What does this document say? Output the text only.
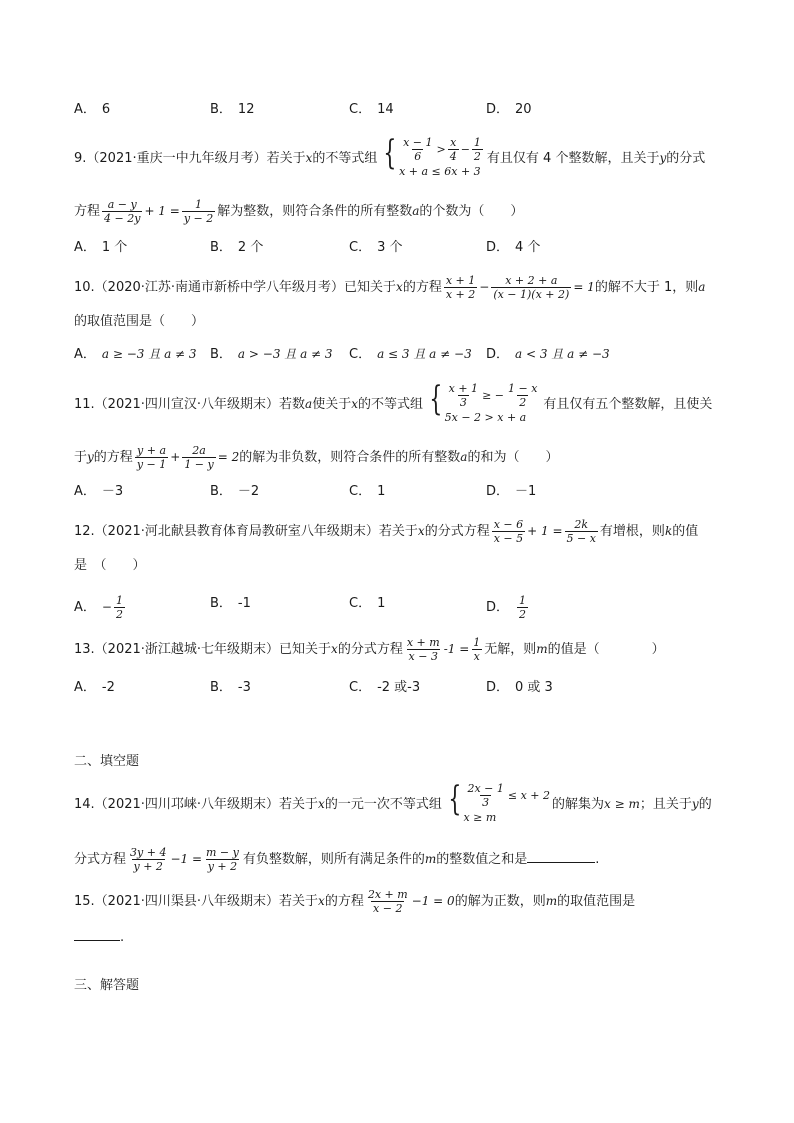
A． 6	B． 12	C． 14	D． 20
9.（2021·重庆一中九年级月考）若关于x的不等式组 { $\frac{x - 1}{6} > \frac{x}{4} - \frac{1}{2}$
x + a ≤ 6x + 3
有且仅有 4 个整数解，且关于y的分式
方程 $\frac{a - y}{4 - 2y} + 1 = \frac{1}{y - 2}$ 解为整数，则符合条件的所有整数a的个数为（　　）
A． 1 个	B． 2 个	C． 3 个	D． 4 个
10.（2020·江苏·南通市新桥中学八年级月考）已知关于x的方程 $\frac{x + 1}{x + 2} - \frac{x + 2 + a}{(x - 1)(x + 2)} = 1$的解不大于 1，则a
的取值范围是（　　）
A． a ≥ −3 且 a ≠ 3 B． a > −3 且 a ≠ 3 C． a ≤ 3 且 a ≠ −3 D． a < 3 且 a ≠ −3
11.（2021·四川宣汉·八年级期末）若数a使关于x的不等式组 { $\frac{x + 1}{3}$ ≥ − $\frac{1 - x}{2}$
5x − 2 > x + a
有且仅有五个整数解，且使关
于y的方程 $\frac{y + a}{y - 1} + \frac{2a}{1 - y} = 2$的解为非负数，则符合条件的所有整数a的和为（　　）
A． －3	B． －2	C． 1	D． －1
12.（2021·河北献县教育体育局教研室八年级期末）若关于x的分式方程 $\frac{x - 6}{x - 5} + 1 = \frac{2k}{5 - x}$ 有增根，则k的值
是　（　　）
A． − $\frac{1}{2}$	B． -1	C． 1	D． $\frac{1}{2}$
13.（2021·浙江越城·七年级期末）已知关于x的分式方程 $\frac{x + m}{x - 3} -1 = \frac{1}{x}$ 无解，则m的值是（　　　　）
A． -2	B． -3	C． -2 或-3	D． 0 或 3
二、填空题
14.（2021·四川邛崃·八年级期末）若关于x的一元一次不等式组 { $\frac{2x - 1}{3} \le x + 2$
x ≥ m
的解集为x ≥ m；且关于y的
分式方程 $\frac{3y + 4}{y + 2} -1 = \frac{m - y}{y + 2}$ 有负整数解，则所有满足条件的m的整数值之和是	.
15.（2021·四川渠县·八年级期末）若关于x的方程 $\frac{2x + m}{x - 2} -1 = 0$的解为正数，则m的取值范围是
.
三、解答题
